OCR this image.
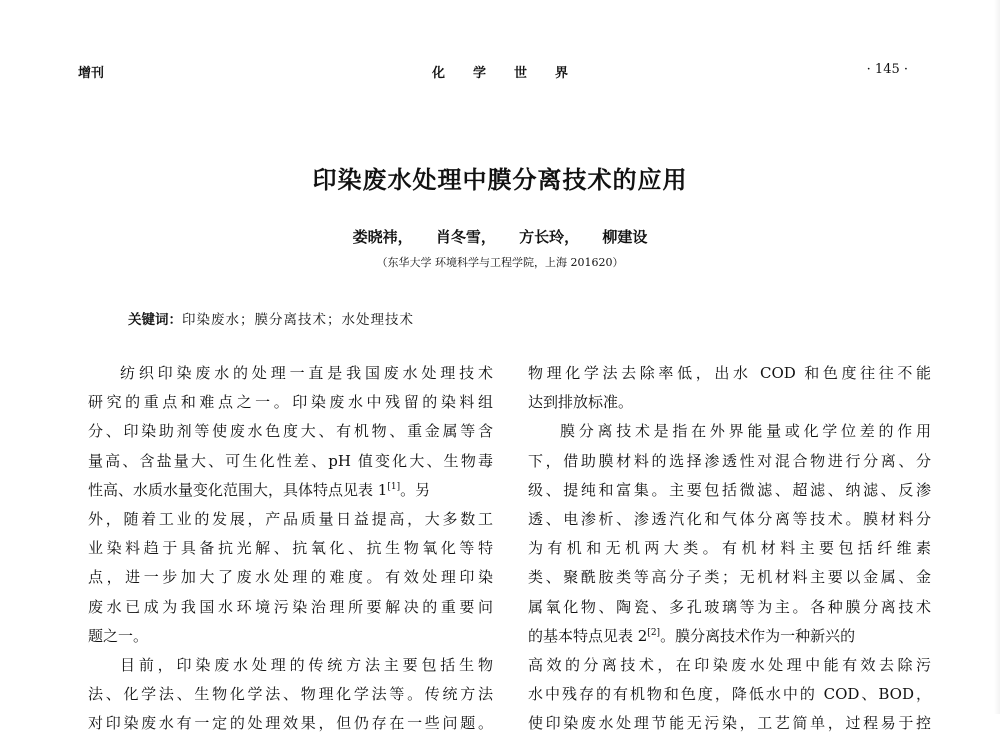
增刊	化学世界	· 145 ·
印染废水处理中膜分离技术的应用
娄晓祎， 肖冬雪， 方长玲， 柳建设
（东华大学 环境科学与工程学院，上海 201620）
关键词：印染废水；膜分离技术；水处理技术
纺织印染废水的处理一直是我国废水处理技术
研究的重点和难点之一。印染废水中残留的染料组
分、印染助剂等使废水色度大、有机物、重金属等含
量高、含盐量大、可生化性差、pH 值变化大、生物毒
性高、水质水量变化范围大，具体特点见表 1[1]。另
外，随着工业的发展，产品质量日益提高，大多数工
业染料趋于具备抗光解、抗氧化、抗生物氧化等特
点，进一步加大了废水处理的难度。有效处理印染
废水已成为我国水环境污染治理所要解决的重要问
题之一。
目前，印染废水处理的传统方法主要包括生物
法、化学法、生物化学法、物理化学法等。传统方法
对印染废水有一定的处理效果，但仍存在一些问题。
物理化学法去除率低，出水 COD 和色度往往不能
达到排放标准。
膜分离技术是指在外界能量或化学位差的作用
下，借助膜材料的选择渗透性对混合物进行分离、分
级、提纯和富集。主要包括微滤、超滤、纳滤、反渗
透、电渗析、渗透汽化和气体分离等技术。膜材料分
为有机和无机两大类。有机材料主要包括纤维素
类、聚酰胺类等高分子类；无机材料主要以金属、金
属氧化物、陶瓷、多孔玻璃等为主。各种膜分离技术
的基本特点见表 2[2]。膜分离技术作为一种新兴的
高效的分离技术，在印染废水处理中能有效去除污
水中残存的有机物和色度，降低水中的 COD、BOD，
使印染废水处理节能无污染，工艺简单，过程易于控
